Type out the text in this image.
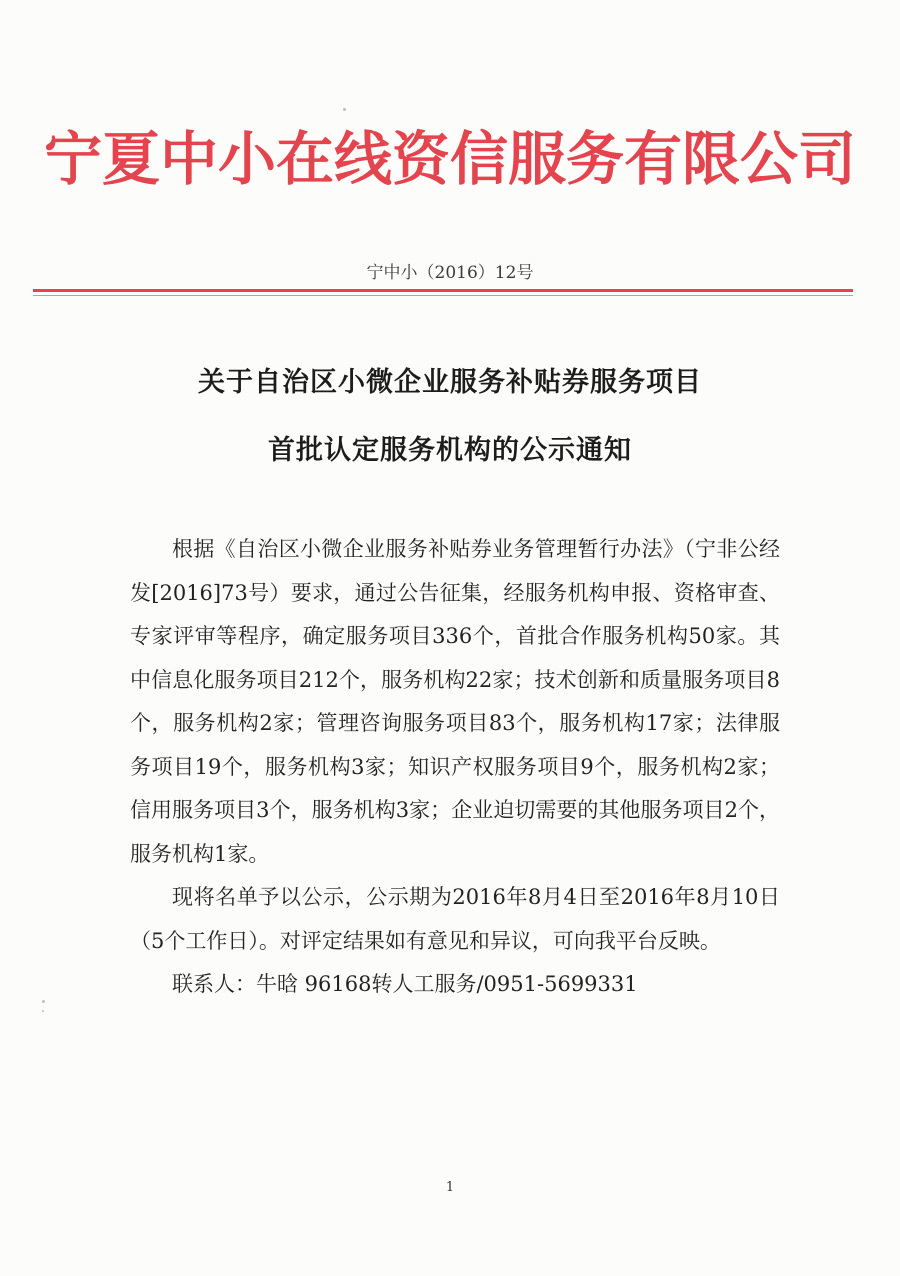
宁夏中小在线资信服务有限公司
宁中小（2016）12号
关于自治区小微企业服务补贴券服务项目
首批认定服务机构的公示通知

根据《自治区小微企业服务补贴券业务管理暂行办法》（宁非公经发[2016]73号）要求，通过公告征集，经服务机构申报、资格审查、专家评审等程序，确定服务项目336个，首批合作服务机构50家。其中信息化服务项目212个，服务机构22家；技术创新和质量服务项目8个，服务机构2家；管理咨询服务项目83个，服务机构17家；法律服务项目19个，服务机构3家；知识产权服务项目9个，服务机构2家；信用服务项目3个，服务机构3家；企业迫切需要的其他服务项目2个，服务机构1家。

现将名单予以公示，公示期为2016年8月4日至2016年8月10日（5个工作日）。对评定结果如有意见和异议，可向我平台反映。

联系人：牛晗 96168转人工服务/0951-5699331

1
